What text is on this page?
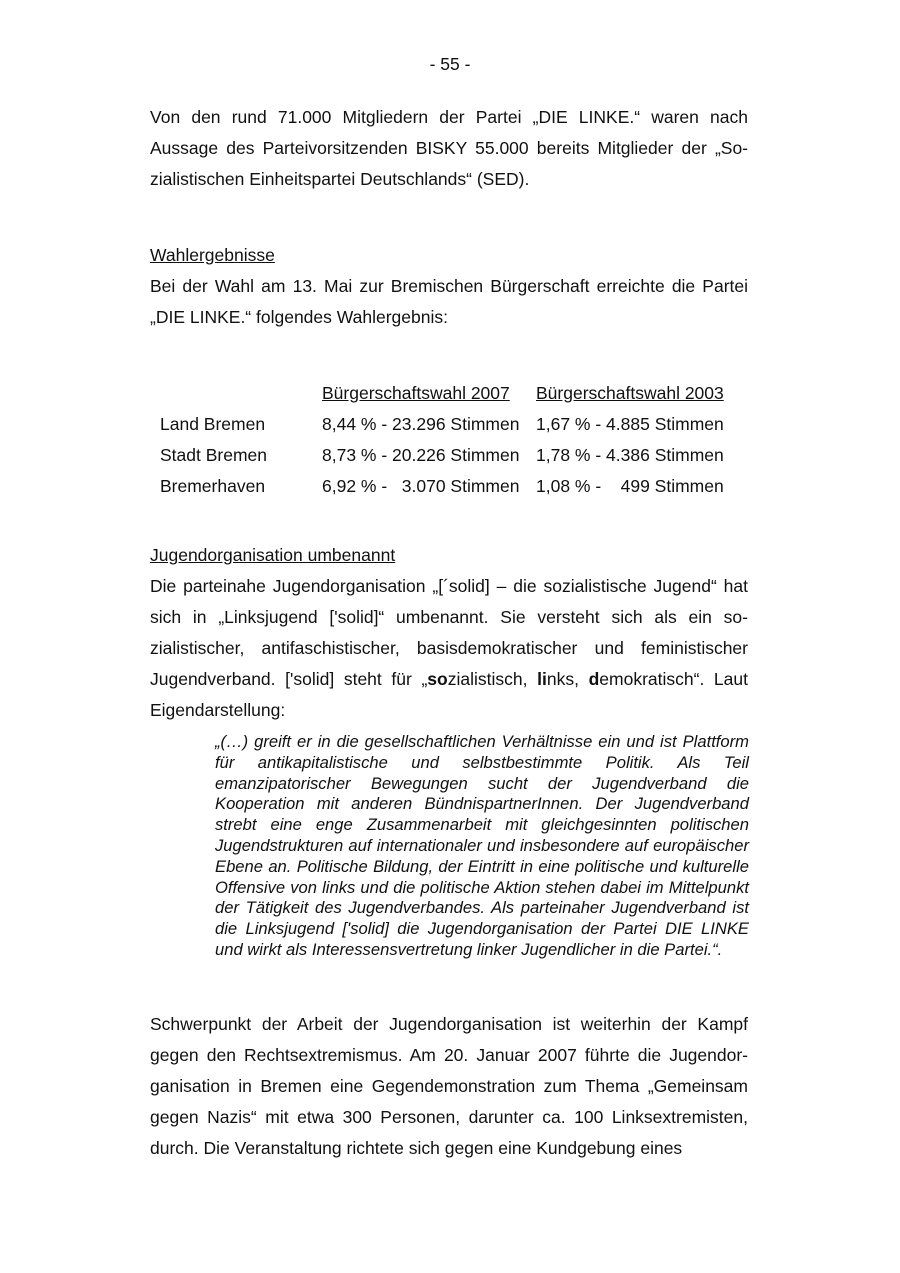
- 55 -

Von den rund 71.000 Mitgliedern der Partei „DIE LINKE.“ waren nach Aussage des Parteivorsitzenden BISKY 55.000 bereits Mitglieder der „Sozialistischen Einheitspartei Deutschlands“ (SED).

Wahlergebnisse

Bei der Wahl am 13. Mai zur Bremischen Bürgerschaft erreichte die Partei „DIE LINKE.“ folgendes Wahlergebnis:

	Bürgerschaftswahl 2007	Bürgerschaftswahl 2003
Land Bremen	8,44 % - 23.296 Stimmen	1,67 % - 4.885 Stimmen
Stadt Bremen	8,73 % - 20.226 Stimmen	1,78 % - 4.386 Stimmen
Bremerhaven	6,92 % -   3.070 Stimmen	1,08 % -    499 Stimmen

Jugendorganisation umbenannt

Die parteinahe Jugendorganisation „[´solid] – die sozialistische Jugend“ hat sich in „Linksjugend ['solid]“ umbenannt. Sie versteht sich als ein sozialistischer, antifaschistischer, basisdemokratischer und feministischer Jugendverband. ['solid] steht für „sozialistisch, links, demokratisch“. Laut Eigendarstellung:

„(…) greift er in die gesellschaftlichen Verhältnisse ein und ist Plattform für antikapitalistische und selbstbestimmte Politik. Als Teil emanzipatorischer Bewegungen sucht der Jugendverband die Kooperation mit anderen BündnispartnerInnen. Der Jugendverband strebt eine enge Zusammenarbeit mit gleichgesinnten politischen Jugendstrukturen auf internationaler und insbesondere auf europäischer Ebene an. Politische Bildung, der Eintritt in eine politische und kulturelle Offensive von links und die politische Aktion stehen dabei im Mittelpunkt der Tätigkeit des Jugendverbandes. Als parteinaher Jugendverband ist die Linksjugend ['solid] die Jugendorganisation der Partei DIE LINKE und wirkt als Interessensvertretung linker Jugendlicher in die Partei.“.

Schwerpunkt der Arbeit der Jugendorganisation ist weiterhin der Kampf gegen den Rechtsextremismus. Am 20. Januar 2007 führte die Jugendorganisation in Bremen eine Gegendemonstration zum Thema „Gemeinsam gegen Nazis“ mit etwa 300 Personen, darunter ca. 100 Linksextremisten, durch. Die Veranstaltung richtete sich gegen eine Kundgebung eines
